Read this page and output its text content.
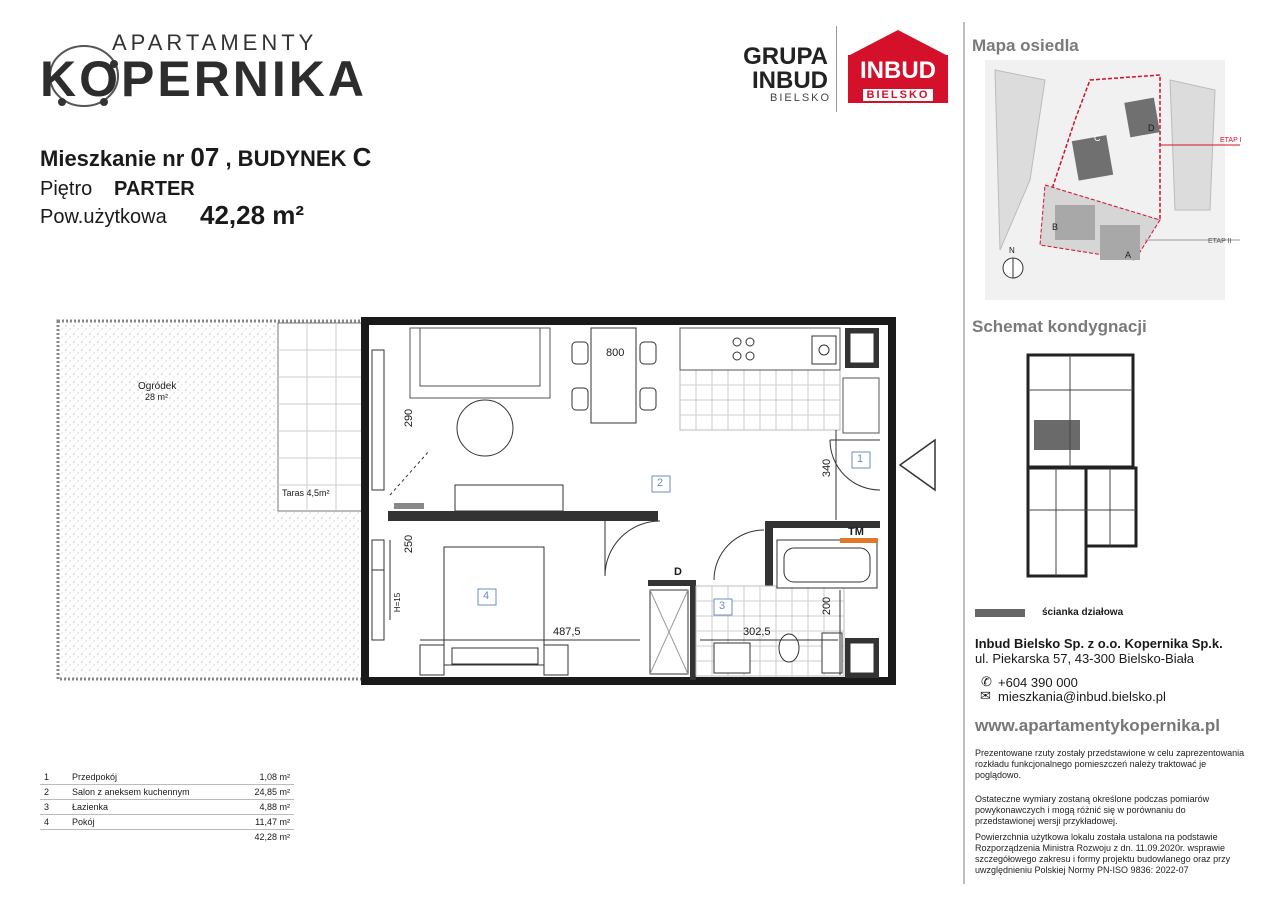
APARTAMENTY
KOPERNIKA
Mieszkanie nr 07 , BUDYNEK C
Piętro PARTER
Pow.użytkowa 42,28 m²
GRUPA
INBUD
BIELSKO
INBUD
BIELSKO
Ogródek
28 m²
Taras 4,5m²
800
290
340
250
487,5	302,5
200
H=15
TM
D
1
2
3
4
1	Przedpokój	1,08 m²
2	Salon z aneksem kuchennym	24,85 m²
3	Łazienka	4,88 m²
4	Pokój	11,47 m²
		42,28 m²
Mapa osiedla
ETAP I
ETAP II
N
C
D
B
A
Schemat kondygnacji
ścianka działowa
Inbud Bielsko Sp. z o.o. Kopernika Sp.k.
ul. Piekarska 57, 43-300 Bielsko-Biała
✆ +604 390 000
✉ mieszkania@inbud.bielsko.pl
www.apartamentykopernika.pl
Prezentowane rzuty zostały przedstawione w celu zaprezentowania rozkładu funkcjonalnego pomieszczeń należy traktować je poglądowo.
Ostateczne wymiary zostaną określone podczas pomiarów powykonawczych i mogą różnić się w porównaniu do przedstawionej wersji przykładowej.
Powierzchnia użytkowa lokalu została ustalona na podstawie Rozporządzenia Ministra Rozwoju z dn. 11.09.2020r. wsprawie szczegółowego zakresu i formy projektu budowlanego oraz przy uwzględnieniu Polskiej Normy PN-ISO 9836: 2022-07
